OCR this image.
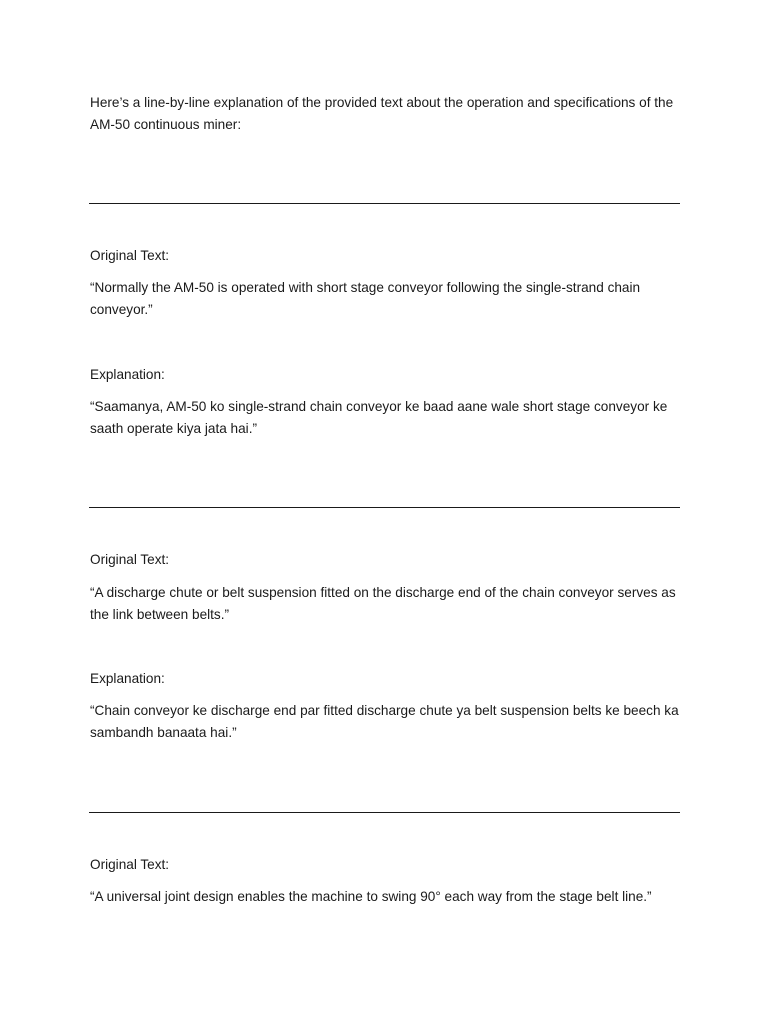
Here’s a line-by-line explanation of the provided text about the operation and specifications of the AM-50 continuous miner:

Original Text:

“Normally the AM-50 is operated with short stage conveyor following the single-strand chain conveyor.”

Explanation:

“Saamanya, AM-50 ko single-strand chain conveyor ke baad aane wale short stage conveyor ke saath operate kiya jata hai.”

Original Text:

“A discharge chute or belt suspension fitted on the discharge end of the chain conveyor serves as the link between belts.”

Explanation:

“Chain conveyor ke discharge end par fitted discharge chute ya belt suspension belts ke beech ka sambandh banaata hai.”

Original Text:

“A universal joint design enables the machine to swing 90° each way from the stage belt line.”
